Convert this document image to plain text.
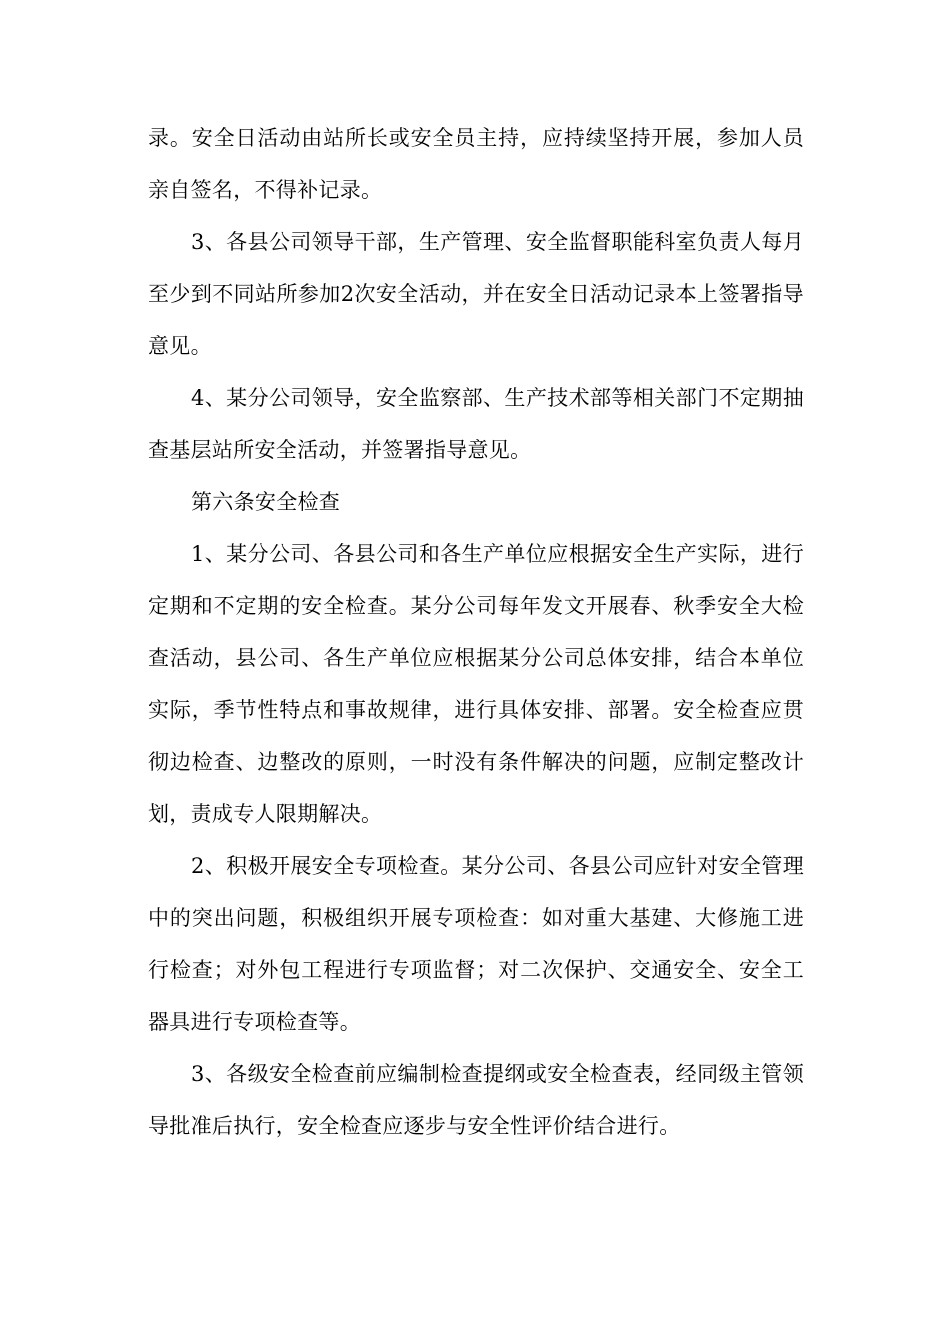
录。安全日活动由站所长或安全员主持，应持续坚持开展，参加人员亲自签名，不得补记录。

3、各县公司领导干部，生产管理、安全监督职能科室负责人每月至少到不同站所参加2次安全活动，并在安全日活动记录本上签署指导意见。

4、某分公司领导，安全监察部、生产技术部等相关部门不定期抽查基层站所安全活动，并签署指导意见。

第六条安全检查

1、某分公司、各县公司和各生产单位应根据安全生产实际，进行定期和不定期的安全检查。某分公司每年发文开展春、秋季安全大检查活动，县公司、各生产单位应根据某分公司总体安排，结合本单位实际，季节性特点和事故规律，进行具体安排、部署。安全检查应贯彻边检查、边整改的原则，一时没有条件解决的问题，应制定整改计划，责成专人限期解决。

2、积极开展安全专项检查。某分公司、各县公司应针对安全管理中的突出问题，积极组织开展专项检查：如对重大基建、大修施工进行检查；对外包工程进行专项监督；对二次保护、交通安全、安全工器具进行专项检查等。

3、各级安全检查前应编制检查提纲或安全检查表，经同级主管领导批准后执行，安全检查应逐步与安全性评价结合进行。
